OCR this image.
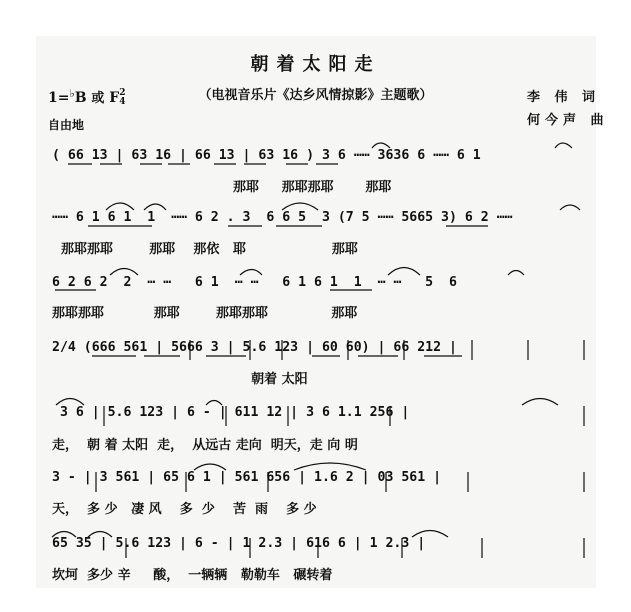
朝着太阳走
（电视音乐片《达乡风情掠影》主题歌）	李 伟 词
何今声 曲
1=♭B 或 F 2
4
自由地
( 66 13 | 63 16 | 66 13 | 63 16 ) 3 6 ⋯⋯ 3636 6 ⋯⋯ 6 1
那耶     那耶那耶       那耶
⋯⋯ 6 1 6 1  1  ⋯⋯ 6 2 . 3  6 6 5  3 (7 5 ⋯⋯ 5665 3) 6 2 ⋯⋯
那耶那耶        那耶    那依   耶                   那耶
6 2 6 2  2  ⋯ ⋯   6 1  ⋯ ⋯   6 1 6 1  1  ⋯ ⋯   5  6
那耶那耶           那耶        那耶那耶              那耶
2/4 (666 561 | 5666 3 | 5.6 123 | 60 60) | 66 212 |
朝着 太阳
3 6 | 5.6 123 | 6 - | 611 12 | 3 6 1.1 256 |
走，  朝 着 太阳  走，  从远古 走向  明天，走 向 明
3 - | 3 561 | 65 6 1 | 561 656 | 1.6 2 | 03 561 |
天，  多 少   凄 风    多  少    苦  雨    多 少
65 35 | 5.6 123 | 6 - | 1 2.3 | 616 6 | 1 2.3 |
坎坷  多少 辛     酸，  一辆辆   勒勒车   碾转着
